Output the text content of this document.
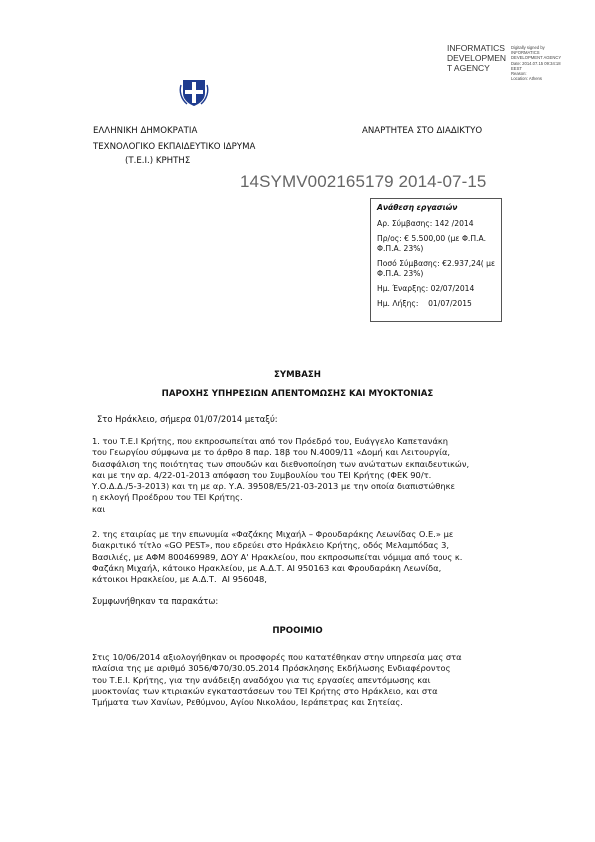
INFORMATICS
DEVELOPMEN
T AGENCY
Digitally signed by
INFORMATICS
DEVELOPMENT AGENCY
Date: 2014.07.15 09:34:18
EEST
Reason:
Location: Athens
ΕΛΛΗΝΙΚΗ ΔΗΜΟΚΡΑΤΙΑ	ΑΝΑΡΤΗΤΕΑ ΣΤΟ ΔΙΑΔΙΚΤΥΟ
ΤΕΧΝΟΛΟΓΙΚΟ ΕΚΠΑΙΔΕΥΤΙΚΟ ΙΔΡΥΜΑ
(Τ.Ε.Ι.) ΚΡΗΤΗΣ
14SYMV002165179 2014-07-15
Ανάθεση εργασιών

Αρ. Σύμβασης: 142 /2014

Πρ/ος: € 5.500,00 (με Φ.Π.Α. Φ.Π.Α. 23%)

Ποσό Σύμβασης: €2.937,24( με Φ.Π.Α. 23%)

Ημ. Έναρξης: 02/07/2014

Ημ. Λήξης:    01/07/2015

ΣΥΜΒΑΣΗ
ΠΑΡΟΧΗΣ ΥΠΗΡΕΣΙΩΝ ΑΠΕΝΤΟΜΩΣΗΣ ΚΑΙ ΜΥΟΚΤΟΝΙΑΣ
Στο Ηράκλειο, σήμερα 01/07/2014 μεταξύ:

1. του Τ.Ε.Ι Κρήτης, που εκπροσωπείται από τον Πρόεδρό του, Ευάγγελο Καπετανάκη

του Γεωργίου σύμφωνα με το άρθρο 8 παρ. 18β του Ν.4009/11 «Δομή και Λειτουργία,

διασφάλιση της ποιότητας των σπουδών και διεθνοποίηση των ανώτατων εκπαιδευτικών,

και με την αρ. 4/22-01-2013 απόφαση του Συμβουλίου του ΤΕΙ Κρήτης (ΦΕΚ 90/τ.

Υ.Ο.Δ.Δ./5-3-2013) και τη με αρ. Υ.Α. 39508/Ε5/21-03-2013 με την οποία διαπιστώθηκε

η εκλογή Προέδρου του ΤΕΙ Κρήτης.

και

2. της εταιρίας με την επωνυμία «Φαζάκης Μιχαήλ – Φρουδαράκης Λεωνίδας Ο.Ε.» με

διακριτικό τίτλο «GO PEST», που εδρεύει στο Ηράκλειο Κρήτης, οδός Μελαμπόδας 3,

Βασιλιές, με ΑΦΜ 800469989, ΔΟΥ Α' Ηρακλείου, που εκπροσωπείται νόμιμα από τους κ.

Φαζάκη Μιχαήλ, κάτοικο Ηρακλείου, με Α.Δ.Τ. ΑΙ 950163 και Φρουδαράκη Λεωνίδα,

κάτοικοι Ηρακλείου, με Α.Δ.Τ.  ΑΙ 956048,

Συμφωνήθηκαν τα παρακάτω:
ΠΡΟΟΙΜΙΟ

Στις 10/06/2014 αξιολογήθηκαν οι προσφορές που κατατέθηκαν στην υπηρεσία μας στα

πλαίσια της με αριθμό 3056/Φ70/30.05.2014 Πρόσκλησης Εκδήλωσης Ενδιαφέροντος

του Τ.Ε.Ι. Κρήτης, για την ανάδειξη αναδόχου για τις εργασίες απεντόμωσης και

μυοκτονίας των κτιριακών εγκαταστάσεων του ΤΕΙ Κρήτης στο Ηράκλειο, και στα

Τμήματα των Χανίων, Ρεθύμνου, Αγίου Νικολάου, Ιεράπετρας και Σητείας.
